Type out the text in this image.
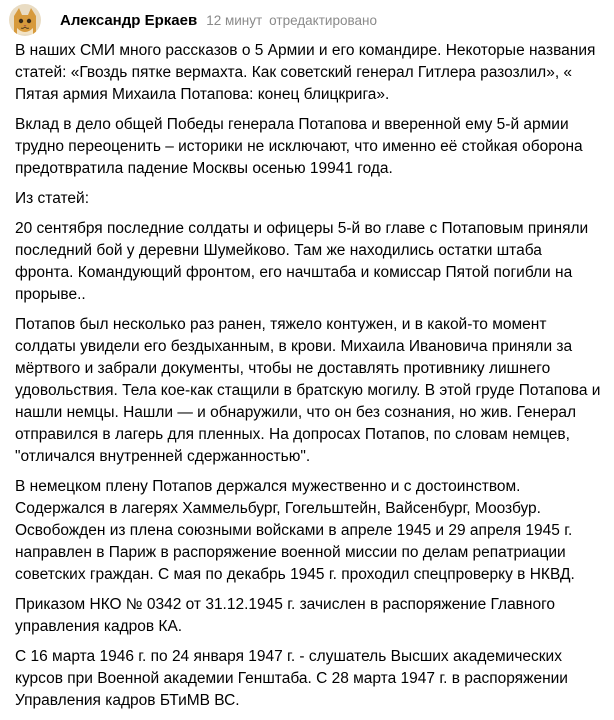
Александр Еркаев 12 минут отредактировано

В наших СМИ много рассказов о 5 Армии и его командире. Некоторые названия статей: «Гвоздь пятке вермахта. Как советский генерал Гитлера разозлил», « Пятая армия Михаила Потапова: конец блицкрига».

Вклад в дело общей Победы генерала Потапова и вверенной ему 5-й армии трудно переоценить – историки не исключают, что именно её стойкая оборона предотвратила падение Москвы осенью 19941 года.

Из статей:

20 сентября последние солдаты и офицеры 5-й во главе с Потаповым приняли последний бой у деревни Шумейково. Там же находились остатки штаба фронта. Командующий фронтом, его начштаба и комиссар Пятой погибли на прорыве..

Потапов был несколько раз ранен, тяжело контужен, и в какой-то момент солдаты увидели его бездыханным, в крови. Михаила Ивановича приняли за мёртвого и забрали документы, чтобы не доставлять противнику лишнего удовольствия. Тела кое-как стащили в братскую могилу. В этой груде Потапова и нашли немцы. Нашли — и обнаружили, что он без сознания, но жив. Генерал отправился в лагерь для пленных. На допросах Потапов, по словам немцев, "отличался внутренней сдержанностью".

В немецком плену Потапов держался мужественно и с достоинством. Содержался в лагерях Хаммельбург, Гогельштейн, Вайсенбург, Моозбур. Освобожден из плена союзными войсками в апреле 1945 и 29 апреля 1945 г. направлен в Париж в распоряжение военной миссии по делам репатриации советских граждан. С мая по декабрь 1945 г. проходил спецпроверку в НКВД.

Приказом НКО № 0342 от 31.12.1945 г. зачислен в распоряжение Главного управления кадров КА.

С 16 марта 1946 г. по 24 января 1947 г. - слушатель Высших академических курсов при Военной академии Генштаба. С 28 марта 1947 г. в распоряжении Управления кадров БТиМВ ВС.
